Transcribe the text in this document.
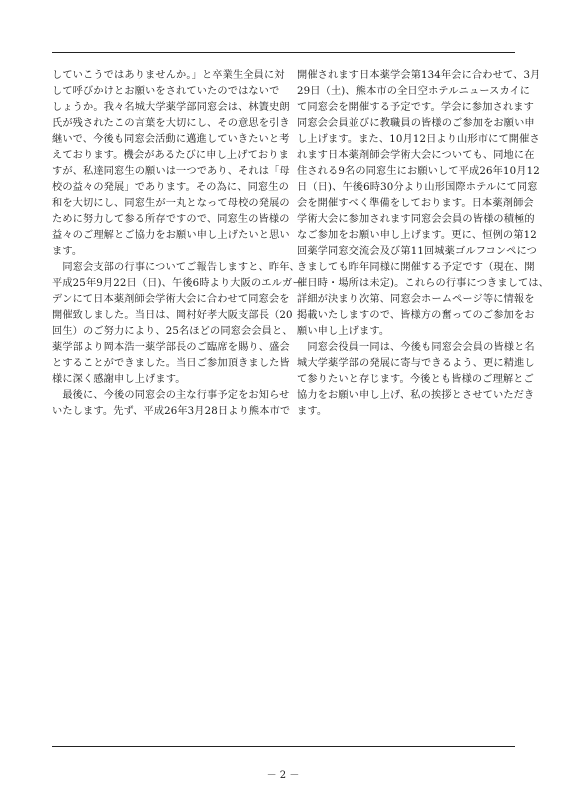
していこうではありませんか。」と卒業生全員に対
して呼びかけとお願いをされていたのではないで
しょうか。我々名城大学薬学部同窓会は、林簀史朗
氏が残されたこの言葉を大切にし、その意思を引き
継いで、今後も同窓会活動に邁進していきたいと考
えております。機会があるたびに申し上げておりま
すが、私達同窓生の願いは一つであり、それは「母
校の益々の発展」であります。その為に、同窓生の
和を大切にし、同窓生が一丸となって母校の発展の
ために努力して参る所存ですので、同窓生の皆様の
益々のご理解とご協力をお願い申し上げたいと思い
ます。
　同窓会支部の行事についてご報告しますと、昨年、
平成25年9月22日（日)、午後6時より大阪のエルガー
デンにて日本薬剤師会学術大会に合わせて同窓会を
開催致しました。当日は、岡村好孝大阪支部長（20
回生）のご努力により、25名ほどの同窓会会員と、
薬学部より岡本浩一薬学部長のご臨席を賜り、盛会
とすることができました。当日ご参加頂きました皆
様に深く感謝申し上げます。
　最後に、今後の同窓会の主な行事予定をお知らせ
いたします。先ず、平成26年3月28日より熊本市で
開催されます日本薬学会第134年会に合わせて、3月
29日（土)、熊本市の全日空ホテルニュースカイに
て同窓会を開催する予定です。学会に参加されます
同窓会会員並びに教職員の皆様のご参加をお願い申
し上げます。また、10月12日より山形市にて開催さ
れます日本薬剤師会学術大会についても、同地に在
住される9名の同窓生にお願いして平成26年10月12
日（日)、午後6時30分より山形国際ホテルにて同窓
会を開催すべく準備をしております。日本薬剤師会
学術大会に参加されます同窓会会員の皆様の積極的
なご参加をお願い申し上げます。更に、恒例の第12
回薬学同窓交流会及び第11回城薬ゴルフコンペにつ
きましても昨年同様に開催する予定です（現在、開
催日時・場所は未定)。これらの行事につきましては、
詳細が決まり次第、同窓会ホームページ等に情報を
掲載いたしますので、皆様方の奮ってのご参加をお
願い申し上げます。
　同窓会役員一同は、今後も同窓会会員の皆様と名
城大学薬学部の発展に寄与できるよう、更に精進し
て参りたいと存じます。今後とも皆様のご理解とご
協力をお願い申し上げ、私の挨拶とさせていただき
ます。
－ 2 －
